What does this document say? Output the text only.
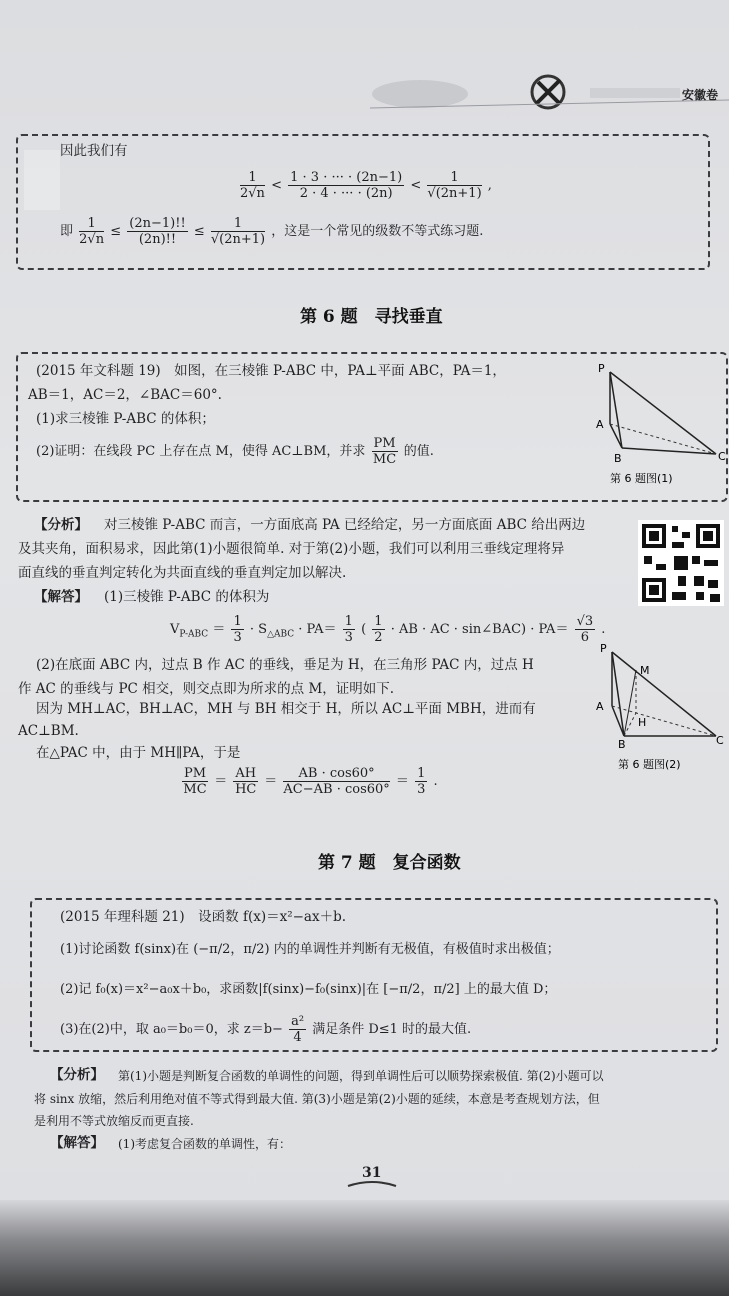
安徽卷
因此我们有
$\frac{1}{2√n} < \frac{1 \cdot 3 \cdot \cdot\cdot\cdot \cdot (2n-1)}{2 \cdot 4 \cdot \cdot\cdot\cdot \cdot (2n)} < \frac{1}{√(2n+1)}$ ,
即 $\frac{1}{2√n} \le \frac{(2n-1)!!}{(2n)!!} \le \frac{1}{√(2n+1)}$ ，这是一个常见的级数不等式练习题.
第 6 题　寻找垂直
(2015 年文科题 19)　如图，在三棱锥 P-ABC 中，PA⊥平面 ABC，PA＝1，
AB＝1，AC＝2，∠BAC＝60°.
(1)求三棱锥 P-ABC 的体积；
(2)证明：在线段 PC 上存在点 M，使得 AC⊥BM，并求 $\frac{PM}{MC}$ 的值.
P
A
B	C
第 6 题图(1)
【分析】 对三棱锥 P-ABC 而言，一方面底高 PA 已经给定，另一方面底面 ABC 给出两边
及其夹角，面积易求，因此第(1)小题很简单. 对于第(2)小题，我们可以利用三垂线定理将异
面直线的垂直判定转化为共面直线的垂直判定加以解决.
【解答】 (1)三棱锥 P-ABC 的体积为
$V_{P-ABC} = \frac{1}{3} \cdot S_{\triangle ABC} \cdot PA= \frac{1}{3}$ ( $\frac{1}{2}$ · AB · AC · sin∠BAC) · $PA= \frac{√3}{6}$ .
(2)在底面 ABC 内，过点 B 作 AC 的垂线，垂足为 H，在三角形 PAC 内，过点 H
作 AC 的垂线与 PC 相交，则交点即为所求的点 M，证明如下.
因为 MH⊥AC，BH⊥AC，MH 与 BH 相交于 H，所以 AC⊥平面 MBH，进而有
AC⊥BM.
在△PAC 中，由于 MH∥PA，于是
$\frac{PM}{MC} = \frac{AH}{HC} = \frac{AB \cdot \cos 60^\circ}{AC-AB \cdot \cos 60^\circ} = \frac{1}{3}$ .
P
M
A
H
B	C
第 6 题图(2)
第 7 题　复合函数
(2015 年理科题 21)　设函数 f(x)＝x²−ax＋b.
(1)讨论函数 f(sinx)在 (−π/2，π/2) 内的单调性并判断有无极值，有极值时求出极值；
(2)记 f₀(x)＝x²−a₀x＋b₀，求函数|f(sinx)−f₀(sinx)|在 [−π/2，π/2] 上的最大值 D；
(3)在(2)中，取 a₀＝b₀＝0，求 $z=b- \frac{\text{a²}}{4}$ 满足条件 D≤1 时的最大值.
【分析】 第(1)小题是判断复合函数的单调性的问题，得到单调性后可以顺势探索极值. 第(2)小题可以
将 sinx 放缩，然后利用绝对值不等式得到最大值. 第(3)小题是第(2)小题的延续，本意是考查规划方法，但
是利用不等式放缩反而更直接.
【解答】 (1)考虑复合函数的单调性，有：
31
